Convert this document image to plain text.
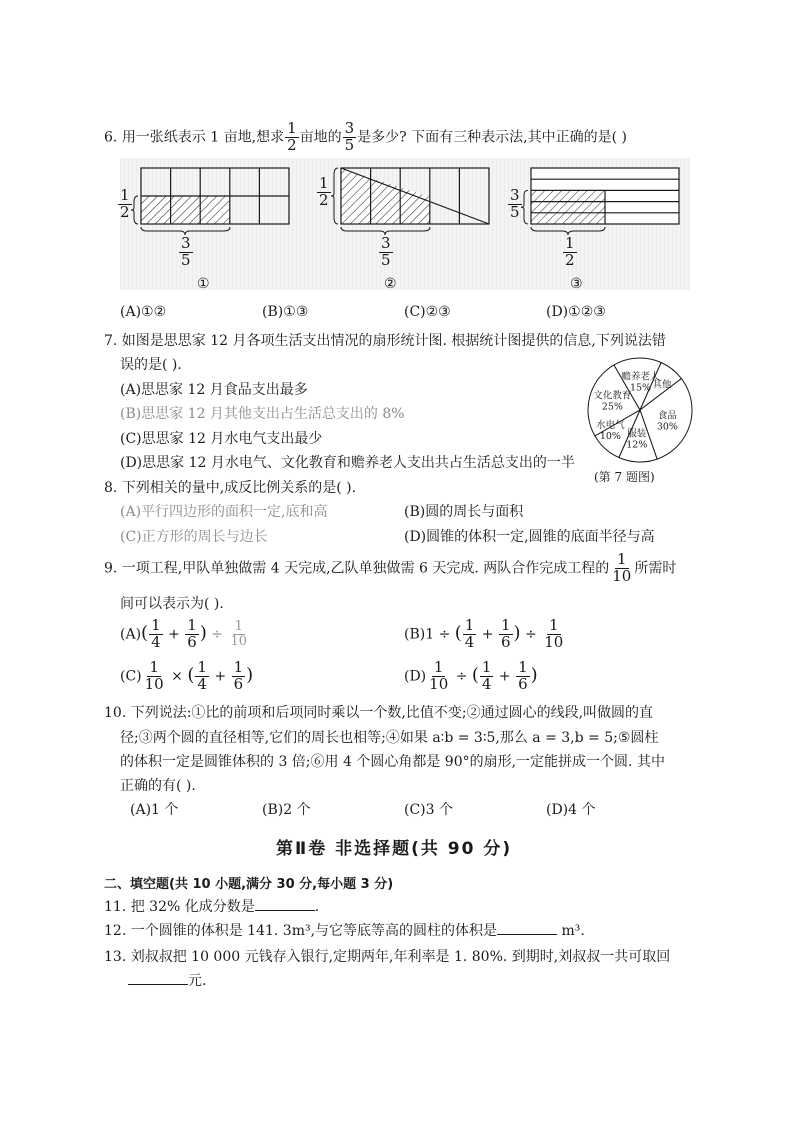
6. 用一张纸表示 1 亩地,想求 $\frac{1}{2}$ 亩地的 $\frac{3}{5}$ 是多少? 下面有三种表示法,其中正确的是( )
$\frac{1}{2}$
$\frac{3}{5}$
①
$\frac{1}{2}$
$\frac{3}{5}$
②
$\frac{3}{5}$
$\frac{1}{2}$
③
(A)①②	(B)①③	(C)②③	(D)①②③
7. 如图是思思家 12 月各项生活支出情况的扇形统计图. 根据统计图提供的信息,下列说法错
误的是( ).
(A)思思家 12 月食品支出最多
(B)思思家 12 月其他支出占生活总支出的 8%
(C)思思家 12 月水电气支出最少
(D)思思家 12 月水电气、文化教育和赡养老人支出共占生活总支出的一半
文化教育
25%
赡养老人
15% 其他
食品
30%
服装
12%
水电气
10%
(第 7 题图)
8. 下列相关的量中,成反比例关系的是( ).
(A)平行四边形的面积一定,底和高	(B)圆的周长与面积
(C)正方形的周长与边长	(D)圆锥的体积一定,圆锥的底面半径与高
9. 一项工程,甲队单独做需 4 天完成,乙队单独做需 6 天完成. 两队合作完成工程的 $\frac{1}{10}$ 所需时
间可以表示为( ).
$(A)( \frac{1}{4} + \frac{1}{6}$ ) ÷ $\frac{1}{10}$	(B)1 ÷ ( $\frac{1}{4} + \frac{1}{6}$ ) ÷ $\frac{1}{10}$
$(C) \frac{1}{10}$ × ( $\frac{1}{4} + \frac{1}{6}$ )	$(D) \frac{1}{10}$ ÷ ( $\frac{1}{4} + \frac{1}{6}$ )
10. 下列说法:①比的前项和后项同时乘以一个数,比值不变;②通过圆心的线段,叫做圆的直
径;③两个圆的直径相等,它们的周长也相等;④如果 a∶b = 3∶5,那么 a = 3,b = 5;⑤圆柱
的体积一定是圆锥体积的 3 倍;⑥用 4 个圆心角都是 90°的扇形,一定能拼成一个圆. 其中
正确的有( ).
(A)1 个	(B)2 个	(C)3 个	(D)4 个
第Ⅱ卷 非选择题(共 90 分)
二、填空题(共 10 小题,满分 30 分,每小题 3 分)
11. 把 32% 化成分数是	.
12. 一个圆锥的体积是 141. 3m³,与它等底等高的圆柱的体积是	m³.
13. 刘叔叔把 10 000 元钱存入银行,定期两年,年利率是 1. 80%. 到期时,刘叔叔一共可取回
元.
